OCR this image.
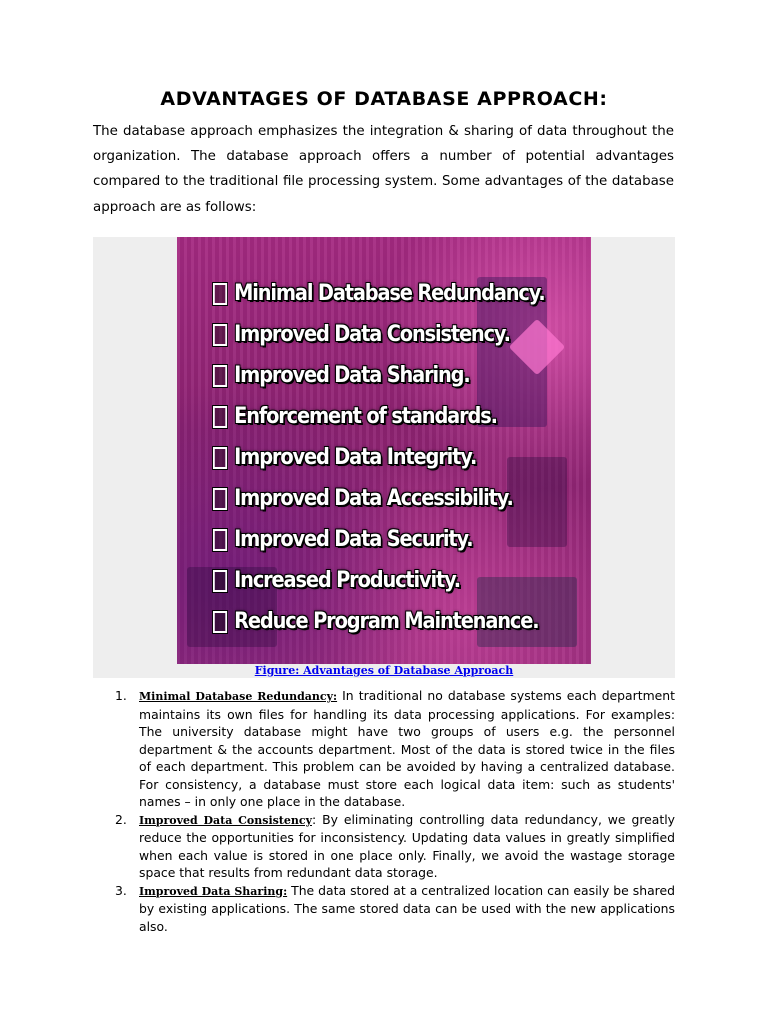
ADVANTAGES OF DATABASE APPROACH:

The database approach emphasizes the integration & sharing of data throughout the organization. The database approach offers a number of potential advantages compared to the traditional file processing system. Some advantages of the database approach are as follows:

Minimal Database Redundancy.
Improved Data Consistency.
Improved Data Sharing.
Enforcement of standards.
Improved Data Integrity.
Improved Data Accessibility.
Improved Data Security.
Increased Productivity.
Reduce Program Maintenance.
Figure: Advantages of Database Approach
1. Minimal Database Redundancy: In traditional no database systems each department maintains its own files for handling its data processing applications. For examples: The university database might have two groups of users e.g. the personnel department & the accounts department. Most of the data is stored twice in the files of each department. This problem can be avoided by having a centralized database. For consistency, a database must store each logical data item: such as students' names – in only one place in the database.
2. Improved Data Consistency: By eliminating controlling data redundancy, we greatly reduce the opportunities for inconsistency. Updating data values in greatly simplified when each value is stored in one place only. Finally, we avoid the wastage storage space that results from redundant data storage.
3. Improved Data Sharing: The data stored at a centralized location can easily be shared by existing applications. The same stored data can be used with the new applications also.
